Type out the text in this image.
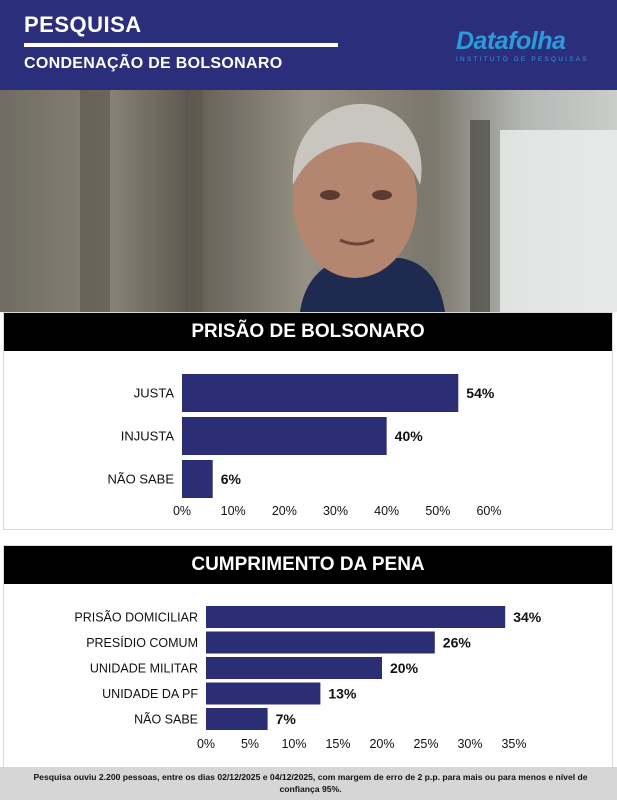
PESQUISA
CONDENAÇÃO DE BOLSONARO
Datafolha
INSTITUTO DE PESQUISAS
PRISÃO DE BOLSONARO
JUSTA	54%
INJUSTA	40%
NÃO SABE	6%
0% 10% 20% 30% 40% 50% 60%
CUMPRIMENTO DA PENA
PRISÃO DOMICILIAR	34%
PRESÍDIO COMUM	26%
UNIDADE MILITAR	20%
UNIDADE DA PF	13%
NÃO SABE	7%
0% 5% 10% 15% 20% 25% 30% 35%
Pesquisa ouviu 2.200 pessoas, entre os dias 02/12/2025 e 04/12/2025, com margem de erro de 2 p.p. para mais ou para menos e nível de confiança 95%.
